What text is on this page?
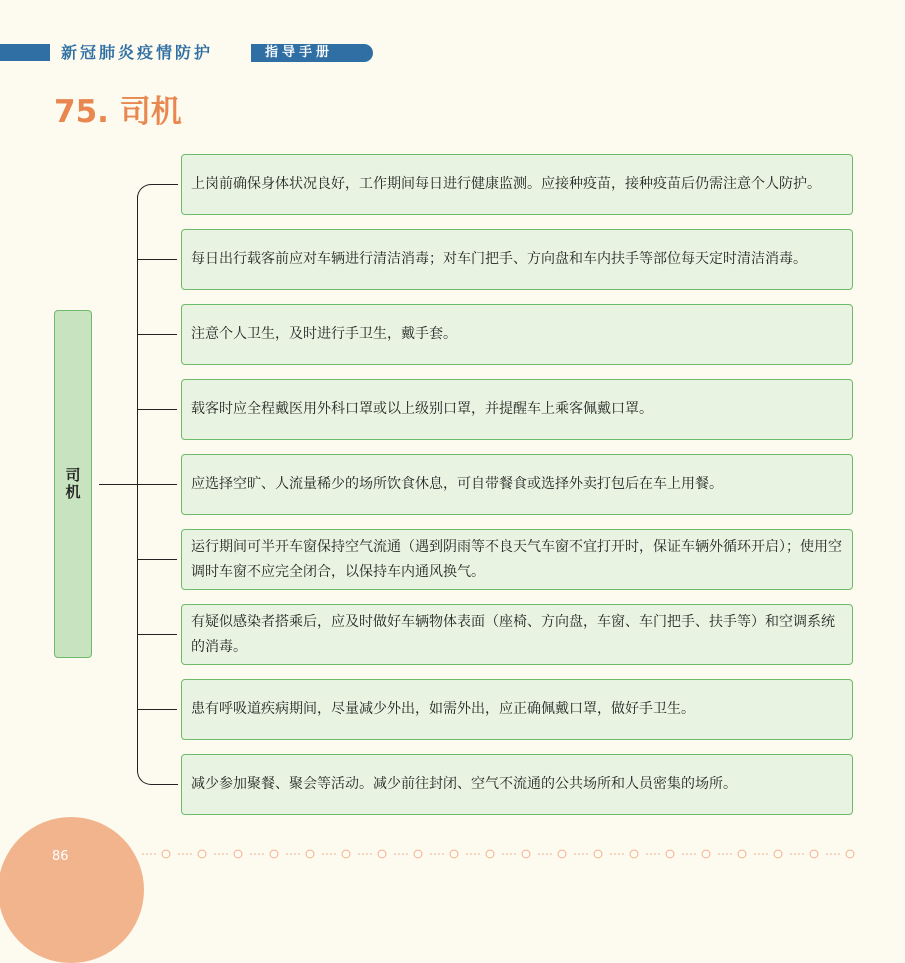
新冠肺炎疫情防护	指导手册
75. 司机
司机
上岗前确保身体状况良好，工作期间每日进行健康监测。应接种疫苗，接种疫苗后仍需注意个人防护。
每日出行载客前应对车辆进行清洁消毒；对车门把手、方向盘和车内扶手等部位每天定时清洁消毒。
注意个人卫生，及时进行手卫生，戴手套。
载客时应全程戴医用外科口罩或以上级别口罩，并提醒车上乘客佩戴口罩。
应选择空旷、人流量稀少的场所饮食休息，可自带餐食或选择外卖打包后在车上用餐。
运行期间可半开车窗保持空气流通（遇到阴雨等不良天气车窗不宜打开时，保证车辆外循环开启）；使用空调时车窗不应完全闭合，以保持车内通风换气。
有疑似感染者搭乘后，应及时做好车辆物体表面（座椅、方向盘，车窗、车门把手、扶手等）和空调系统的消毒。
患有呼吸道疾病期间，尽量减少外出，如需外出，应正确佩戴口罩，做好手卫生。
减少参加聚餐、聚会等活动。减少前往封闭、空气不流通的公共场所和人员密集的场所。
86
